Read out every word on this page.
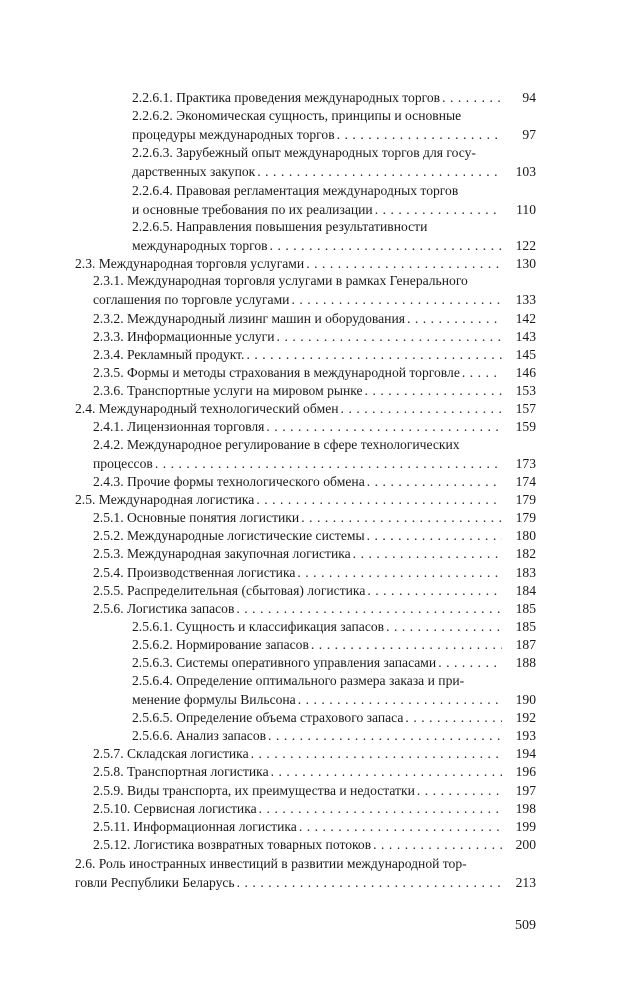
2.2.6.1. Практика проведения международных торгов . . .	94
2.2.6.2. Экономическая сущность, принципы и основные
процедуры международных торгов . . .	97
2.2.6.3. Зарубежный опыт международных торгов для госу-
дарственных закупок . . .	103
2.2.6.4. Правовая регламентация международных торгов
и основные требования по их реализации . . .	110
2.2.6.5. Направления повышения результативности
международных торгов . . .	122
2.3. Международная торговля услугами . . .	130
2.3.1. Международная торговля услугами в рамках Генерального
соглашения по торговле услугами . . .	133
2.3.2. Международный лизинг машин и оборудования . . .	142
2.3.3. Информационные услуги . . .	143
2.3.4. Рекламный продукт. . . .	145
2.3.5. Формы и методы страхования в международной торговле . . .	146
2.3.6. Транспортные услуги на мировом рынке . . .	153
2.4. Международный технологический обмен . . .	157
2.4.1. Лицензионная торговля . . .	159
2.4.2. Международное регулирование в сфере технологических
процессов . . .	173
2.4.3. Прочие формы технологического обмена . . .	174
2.5. Международная логистика . . .	179
2.5.1. Основные понятия логистики . . .	179
2.5.2. Международные логистические системы . . .	180
2.5.3. Международная закупочная логистика . . .	182
2.5.4. Производственная логистика . . .	183
2.5.5. Распределительная (сбытовая) логистика . . .	184
2.5.6. Логистика запасов . . .	185
2.5.6.1. Сущность и классификация запасов . . .	185
2.5.6.2. Нормирование запасов . . .	187
2.5.6.3. Системы оперативного управления запасами . . .	188
2.5.6.4. Определение оптимального размера заказа и при-
менение формулы Вильсона . . .	190
2.5.6.5. Определение объема страхового запаса . . .	192
2.5.6.6. Анализ запасов . . .	193
2.5.7. Складская логистика . . .	194
2.5.8. Транспортная логистика . . .	196
2.5.9. Виды транспорта, их преимущества и недостатки . . .	197
2.5.10. Сервисная логистика . . .	198
2.5.11. Информационная логистика . . .	199
2.5.12. Логистика возвратных товарных потоков . . .	200
2.6. Роль иностранных инвестиций в развитии международной тор-
говли Республики Беларусь . . .	213
509
